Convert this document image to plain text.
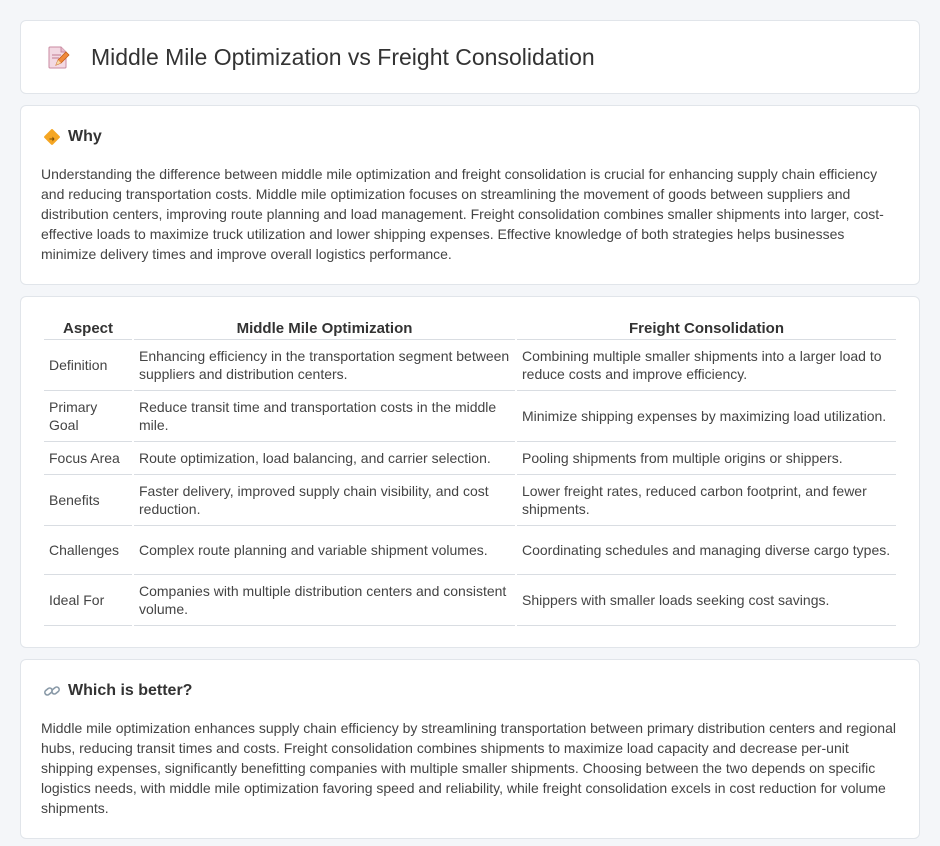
Middle Mile Optimization vs Freight Consolidation
Why

Understanding the difference between middle mile optimization and freight consolidation is crucial for enhancing supply chain efficiency and reducing transportation costs. Middle mile optimization focuses on streamlining the movement of goods between suppliers and distribution centers, improving route planning and load management. Freight consolidation combines smaller shipments into larger, cost-effective loads to maximize truck utilization and lower shipping expenses. Effective knowledge of both strategies helps businesses minimize delivery times and improve overall logistics performance.

Aspect	Middle Mile Optimization	Freight Consolidation
Definition	Enhancing efficiency in the transportation segment between suppliers and distribution centers.	Combining multiple smaller shipments into a larger load to reduce costs and improve efficiency.
Primary Goal	Reduce transit time and transportation costs in the middle mile.	Minimize shipping expenses by maximizing load utilization.
Focus Area	Route optimization, load balancing, and carrier selection.	Pooling shipments from multiple origins or shippers.
Benefits	Faster delivery, improved supply chain visibility, and cost reduction.	Lower freight rates, reduced carbon footprint, and fewer shipments.
Challenges	Complex route planning and variable shipment volumes.	Coordinating schedules and managing diverse cargo types.
Ideal For	Companies with multiple distribution centers and consistent volume.	Shippers with smaller loads seeking cost savings.
Which is better?

Middle mile optimization enhances supply chain efficiency by streamlining transportation between primary distribution centers and regional hubs, reducing transit times and costs. Freight consolidation combines shipments to maximize load capacity and decrease per-unit shipping expenses, significantly benefitting companies with multiple smaller shipments. Choosing between the two depends on specific logistics needs, with middle mile optimization favoring speed and reliability, while freight consolidation excels in cost reduction for volume shipments.
